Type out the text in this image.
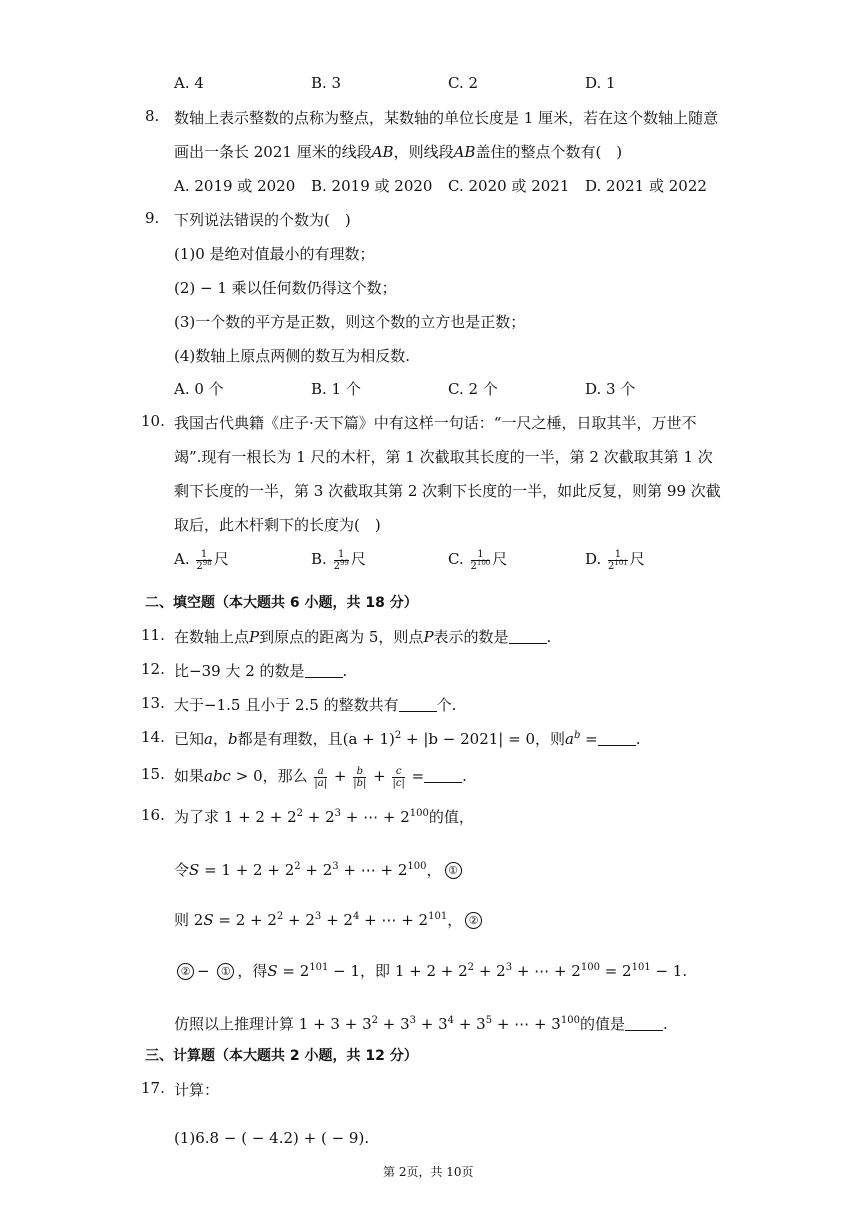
A. 4	B. 3	C. 2	D. 1
8. 数轴上表示整数的点称为整点，某数轴的单位长度是 1 厘米，若在这个数轴上随意
画出一条长 2021 厘米的线段AB，则线段AB盖住的整点个数有(　)
A. 2019 或 2020 B. 2019 或 2020 C. 2020 或 2021 D. 2021 或 2022
9. 下列说法错误的个数为(　)
(1)0 是绝对值最小的有理数；
(2) − 1 乘以任何数仍得这个数；
(3)一个数的平方是正数，则这个数的立方也是正数；
(4)数轴上原点两侧的数互为相反数.
A. 0 个	B. 1 个	C. 2 个	D. 3 个
10. 我国古代典籍《庄子·天下篇》中有这样一句话：“一尺之棰，日取其半，万世不
竭”.现有一根长为 1 尺的木杆，第 1 次截取其长度的一半，第 2 次截取其第 1 次
剩下长度的一半，第 3 次截取其第 2 次剩下长度的一半，如此反复，则第 99 次截
取后，此木杆剩下的长度为(　)
A. $\frac{1}{2^{98}}$ 尺	B. $\frac{1}{2^{99}}$ 尺	C. $\frac{1}{2^{100}}$ 尺	D. $\frac{1}{2^{101}}$ 尺
二、填空题（本大题共 6 小题，共 18 分）
11. 在数轴上点P到原点的距离为 5，则点P表示的数是	.
12. 比−39 大 2 的数是	.
13. 大于−1.5 且小于 2.5 的整数共有	个.
14. 已知a，b都是有理数，且$(a + 1)^2 + |b - 2021| = 0$，则$a^b$ =	.
15. 如果abc > 0，那么 $\frac{a}{|a|} + \frac{b}{|b|} + \frac{c}{|c|}$ =	.
16. 为了求 $1 + 2 + 2^2 + 2^3$ + ⋯ + $2^{100}$的值，
令$S = 1 + 2 + 2^2 + 2^3$ + ⋯ + $2^{100}$， ①
则 $2S = 2 + 2^2 + 2^3 + 2^4$ + ⋯ + $2^{101}$， ②
② − ① ，得$S = 2^{101} - 1$，即 $1 + 2 + 2^2 + 2^3$ + ⋯ + $2^{100} = 2^{101} - 1$.
仿照以上推理计算 $1 + 3 + 3^2 + 3^3 + 3^4 + 3^5$ + ⋯ + $3^{100}$的值是	.
三、计算题（本大题共 2 小题，共 12 分）
17. 计算：
(1)6.8 − ( − 4.2) + ( − 9).
第 2页，共 10页
